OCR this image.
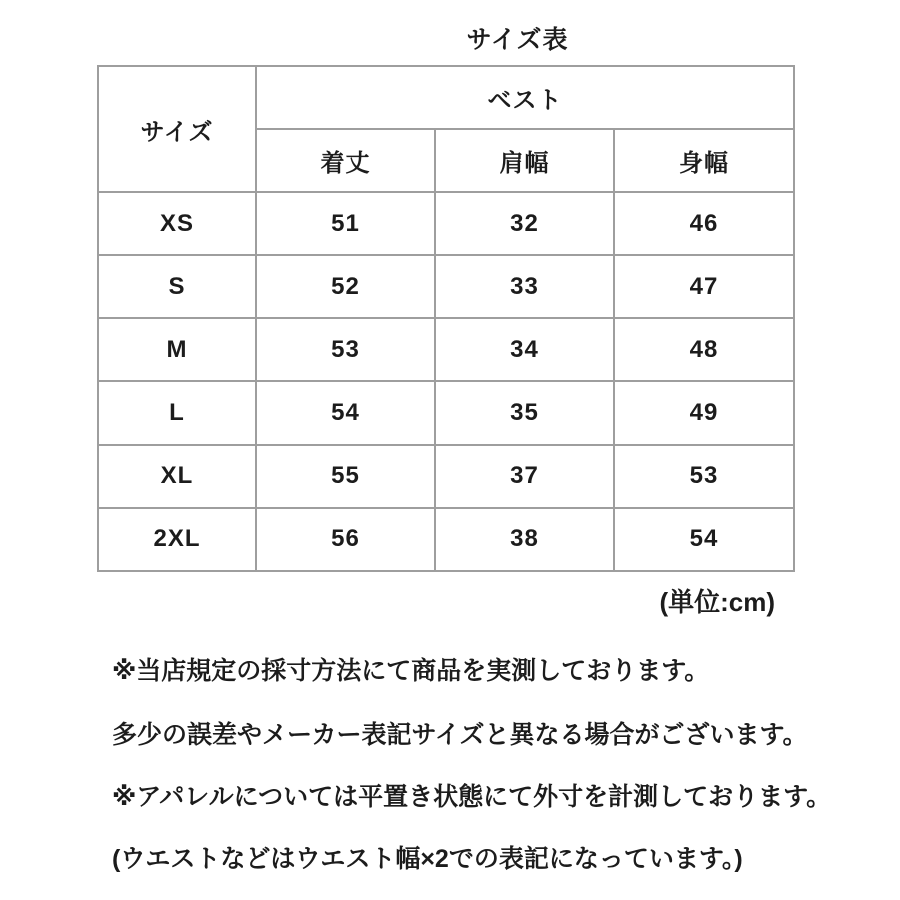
サイズ表
サイズ	ベスト		
	着丈	肩幅	身幅
XS	51	32	46
S	52	33	47
M	53	34	48
L	54	35	49
XL	55	37	53
2XL	56	38	54
(単位:cm)
※当店規定の採寸方法にて商品を実測しております。
多少の誤差やメーカー表記サイズと異なる場合がございます。
※アパレルについては平置き状態にて外寸を計測しております。
(ウエストなどはウエスト幅×2での表記になっています。)
